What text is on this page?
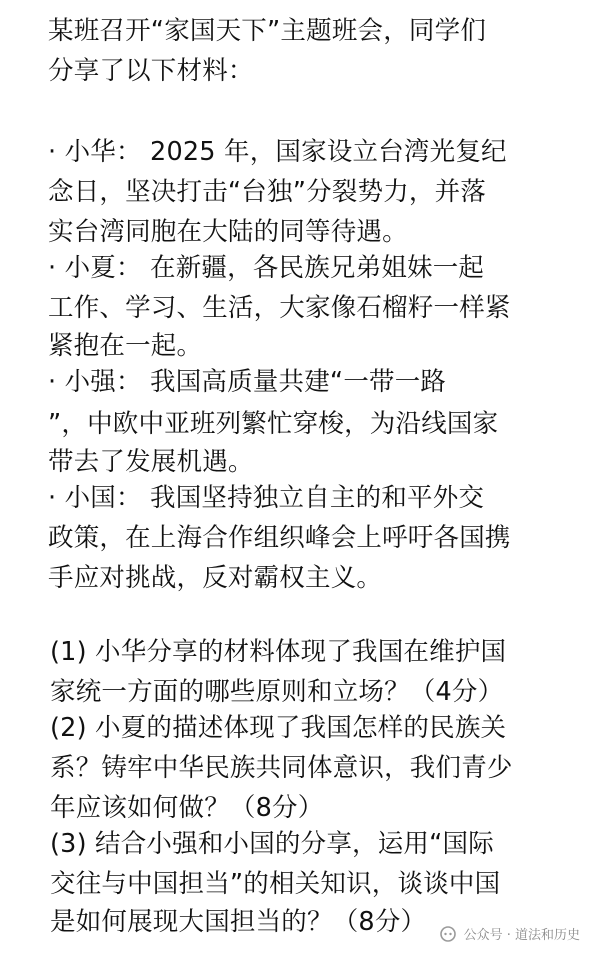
某班召开“家国天下”主题班会，同学们
分享了以下材料：
· 小华： 2025 年，国家设立台湾光复纪
念日，坚决打击“台独”分裂势力，并落
实台湾同胞在大陆的同等待遇。
· 小夏： 在新疆，各民族兄弟姐妹一起
工作、学习、生活，大家像石榴籽一样紧
紧抱在一起。
· 小强： 我国高质量共建“一带一路
”，中欧中亚班列繁忙穿梭，为沿线国家
带去了发展机遇。
· 小国： 我国坚持独立自主的和平外交
政策，在上海合作组织峰会上呼吁各国携
手应对挑战，反对霸权主义。
(1) 小华分享的材料体现了我国在维护国
家统一方面的哪些原则和立场？（4分）
(2) 小夏的描述体现了我国怎样的民族关
系？铸牢中华民族共同体意识，我们青少
年应该如何做？（8分）
(3) 结合小强和小国的分享，运用“国际
交往与中国担当”的相关知识，谈谈中国
是如何展现大国担当的？（8分）	公众号 · 道法和历史
